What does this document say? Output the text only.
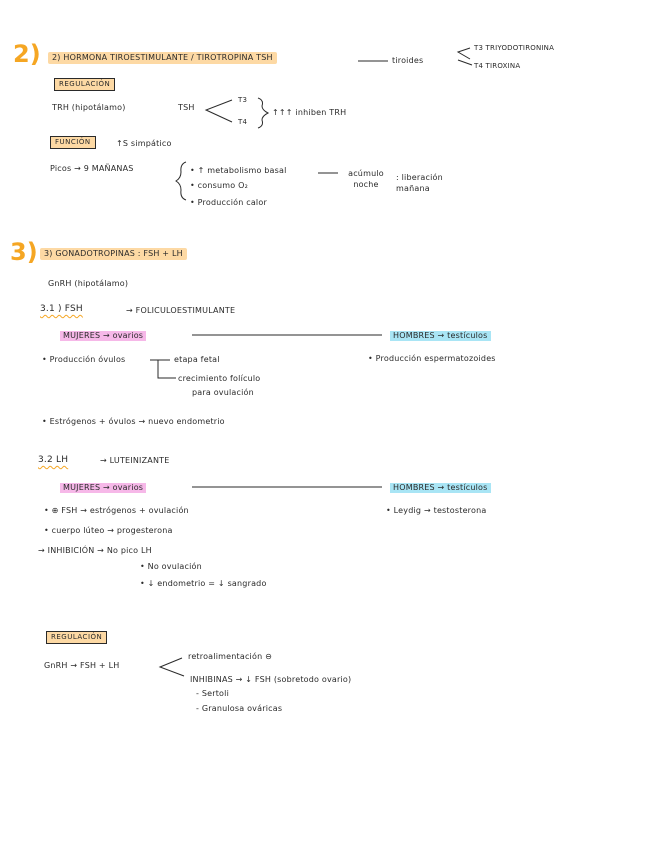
2)	2) HORMONA TIROESTIMULANTE / TIROTROPINA TSH	tiroides
T3 TRIYODOTIRONINA
T4 TIROXINA
REGULACIÓN
TRH (hipotálamo)	TSH
T3
T4
↑↑↑ inhiben TRH
FUNCIÓN	↑S simpático
Picos → 9 MAÑANAS	• ↑ metabolismo basal
• consumo O₂
• Producción calor
acúmulo noche
: liberación mañana
3) 3) GONADOTROPINAS : FSH + LH
GnRH (hipotálamo)
3.1 ) FSH	→ FOLICULOESTIMULANTE
MUJERES → ovarios	HOMBRES → testículos
• Producción óvulos	etapa fetal
crecimiento folículo
para ovulación
• Producción espermatozoides
• Estrógenos + óvulos → nuevo endometrio
3.2 LH	→ LUTEINIZANTE
MUJERES → ovarios	HOMBRES → testículos
• ⊕ FSH → estrógenos + ovulación
• cuerpo lúteo → progesterona
• Leydig → testosterona
→ INHIBICIÓN → No pico LH
• No ovulación
• ↓ endometrio = ↓ sangrado
REGULACIÓN
GnRH → FSH + LH
retroalimentación ⊖
INHIBINAS → ↓ FSH (sobretodo ovario)
- Sertoli
- Granulosa ováricas
